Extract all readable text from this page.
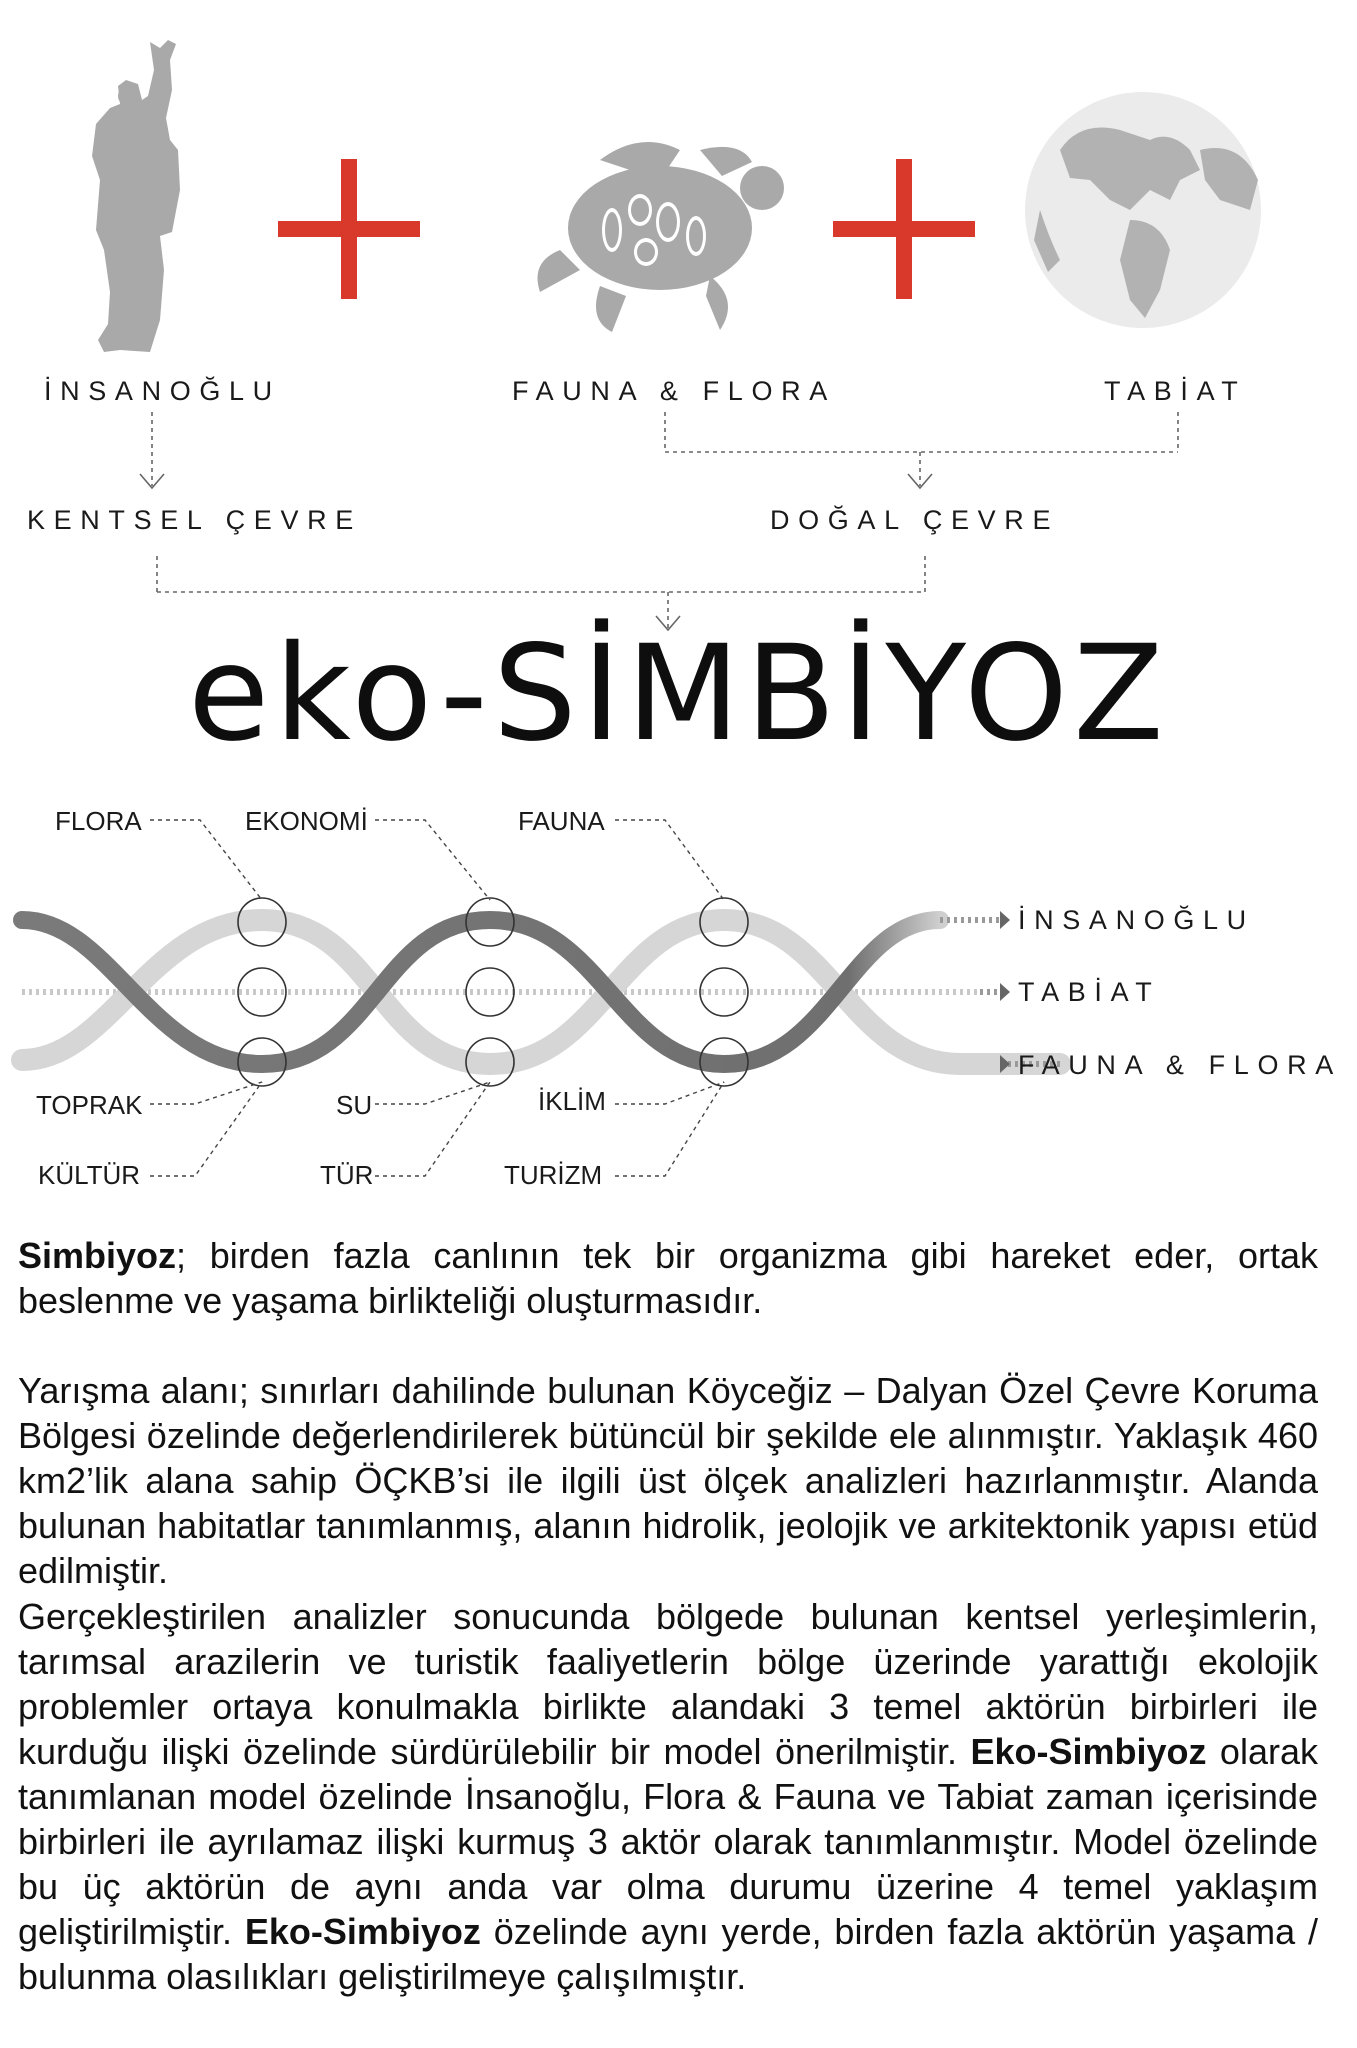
İNSANOĞLU	FAUNA & FLORA	TABİAT
KENTSEL ÇEVRE	DOĞAL ÇEVRE
eko-SİMBİYOZ
FLORA	EKONOMİ	FAUNA
TOPRAK	SU	İKLİM
KÜLTÜR	TÜR	TURİZM
İNSANOĞLU
TABİAT
FAUNA & FLORA
Simbiyoz; birden fazla canlının tek bir organizma gibi hareket eder, ortak beslenme ve yaşama birlikteliği oluşturmasıdır.
Yarışma alanı; sınırları dahilinde bulunan Köyceğiz – Dalyan Özel Çevre Koruma Bölgesi özelinde değerlendirilerek bütüncül bir şekilde ele alınmıştır. Yaklaşık 460 km2’lik alana sahip ÖÇKB’si ile ilgili üst ölçek analizleri hazırlanmıştır. Alanda bulunan habitatlar tanımlanmış, alanın hidrolik, jeolojik ve arkitektonik yapısı etüd edilmiştir.
Gerçekleştirilen analizler sonucunda bölgede bulunan kentsel yerleşimlerin, tarımsal arazilerin ve turistik faaliyetlerin bölge üzerinde yarattığı ekolojik problemler ortaya konulmakla birlikte alandaki 3 temel aktörün birbirleri ile kurduğu ilişki özelinde sürdürülebilir bir model önerilmiştir. Eko-Simbiyoz olarak tanımlanan model özelinde İnsanoğlu, Flora & Fauna ve Tabiat zaman içerisinde birbirleri ile ayrılamaz ilişki kurmuş 3 aktör olarak tanımlanmıştır. Model özelinde bu üç aktörün de aynı anda var olma durumu üzerine 4 temel yaklaşım geliştirilmiştir. Eko-Simbiyoz özelinde aynı yerde, birden fazla aktörün yaşama / bulunma olasılıkları geliştirilmeye çalışılmıştır.
